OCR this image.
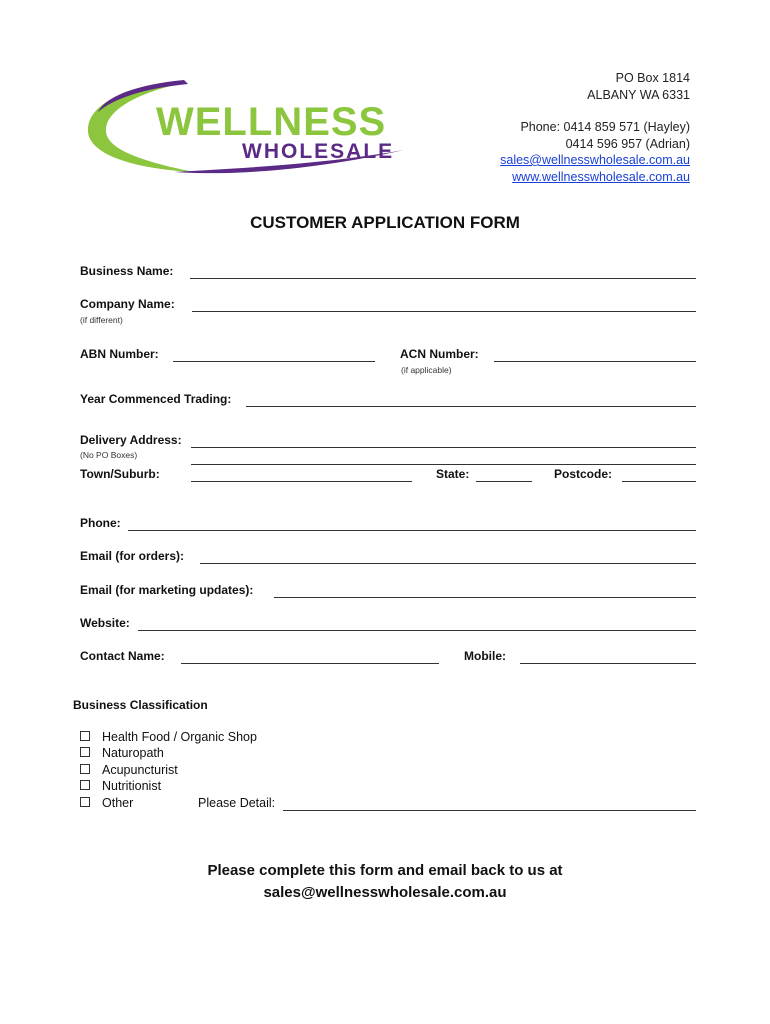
WELLNESS
WHOLESALE
PO Box 1814
ALBANY WA 6331
Phone: 0414 859 571 (Hayley)
0414 596 957 (Adrian)
sales@wellnesswholesale.com.au
www.wellnesswholesale.com.au
CUSTOMER APPLICATION FORM
Business Name:
Company Name:
(if different)
ABN Number:	ACN Number:
(if applicable)
Year Commenced Trading:
Delivery Address:
(No PO Boxes)
Town/Suburb:	State:	Postcode:
Phone:
Email (for orders):
Email (for marketing updates):
Website:
Contact Name:	Mobile:
Business Classification
Health Food / Organic Shop
Naturopath
Acupuncturist
Nutritionist
Other	Please Detail:
Please complete this form and email back to us at
sales@wellnesswholesale.com.au
